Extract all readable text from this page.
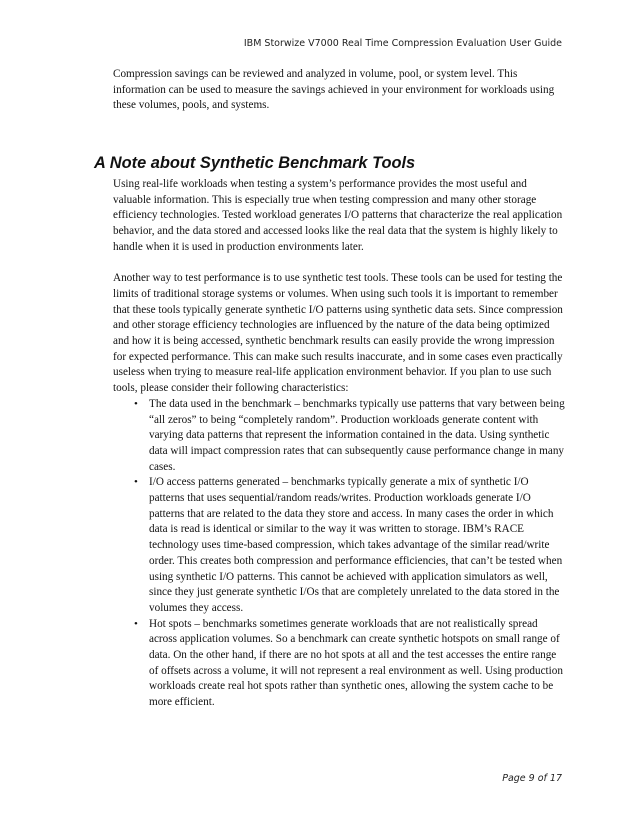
IBM Storwize V7000 Real Time Compression Evaluation User Guide

Compression savings can be reviewed and analyzed in volume, pool, or system level. This information can be used to measure the savings achieved in your environment for workloads using these volumes, pools, and systems.

A Note about Synthetic Benchmark Tools

Using real-life workloads when testing a system’s performance provides the most useful and valuable information. This is especially true when testing compression and many other storage efficiency technologies. Tested workload generates I/O patterns that characterize the real application behavior, and the data stored and accessed looks like the real data that the system is highly likely to handle when it is used in production environments later.

Another way to test performance is to use synthetic test tools. These tools can be used for testing the limits of traditional storage systems or volumes. When using such tools it is important to remember that these tools typically generate synthetic I/O patterns using synthetic data sets. Since compression and other storage efficiency technologies are influenced by the nature of the data being optimized and how it is being accessed, synthetic benchmark results can easily provide the wrong impression for expected performance. This can make such results inaccurate, and in some cases even practically useless when trying to measure real-life application environment behavior. If you plan to use such tools, please consider their following characteristics:

• The data used in the benchmark – benchmarks typically use patterns that vary between being “all zeros” to being “completely random”. Production workloads generate content with varying data patterns that represent the information contained in the data. Using synthetic data will impact compression rates that can subsequently cause performance change in many cases.
• I/O access patterns generated – benchmarks typically generate a mix of synthetic I/O patterns that uses sequential/random reads/writes. Production workloads generate I/O patterns that are related to the data they store and access. In many cases the order in which data is read is identical or similar to the way it was written to storage. IBM’s RACE technology uses time-based compression, which takes advantage of the similar read/write order. This creates both compression and performance efficiencies, that can’t be tested when using synthetic I/O patterns. This cannot be achieved with application simulators as well, since they just generate synthetic I/Os that are completely unrelated to the data stored in the volumes they access.
• Hot spots – benchmarks sometimes generate workloads that are not realistically spread across application volumes. So a benchmark can create synthetic hotspots on small range of data. On the other hand, if there are no hot spots at all and the test accesses the entire range of offsets across a volume, it will not represent a real environment as well. Using production workloads create real hot spots rather than synthetic ones, allowing the system cache to be more efficient.
Page 9 of 17
